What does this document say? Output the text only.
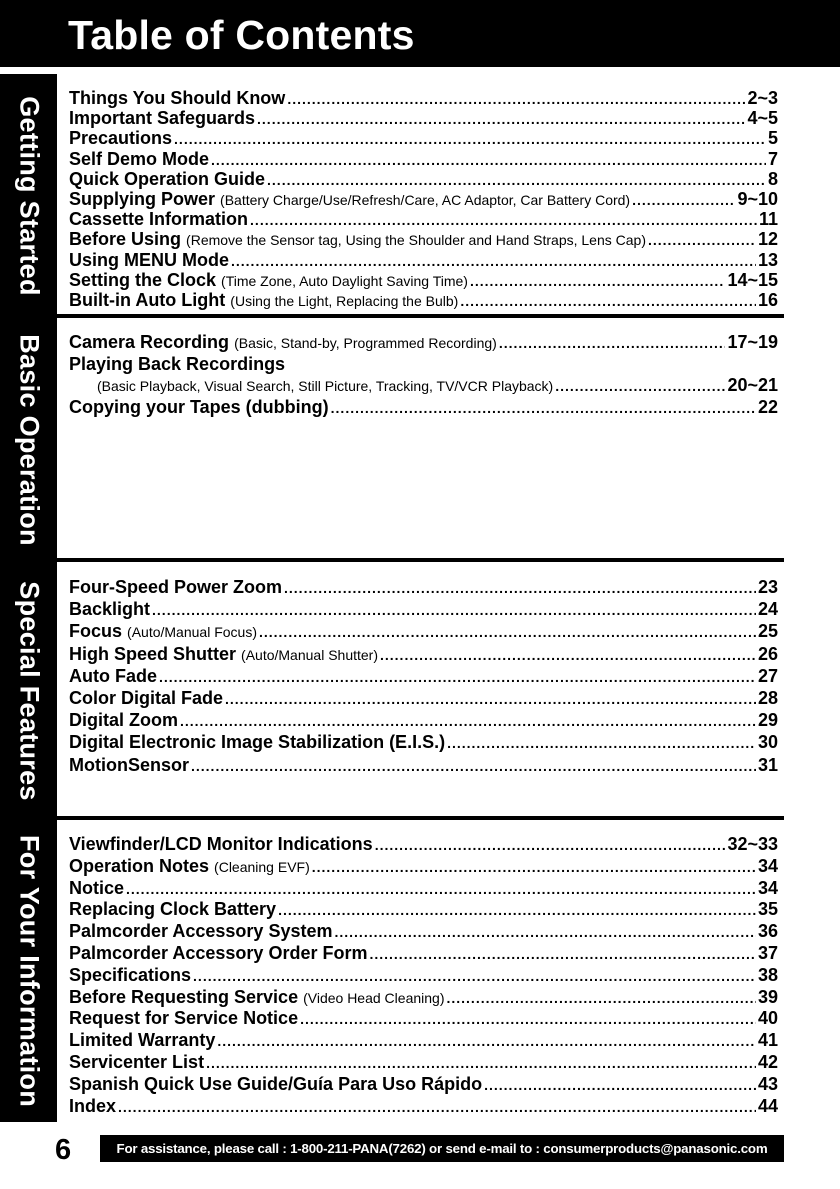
Table of Contents
Getting Started Things You Should Know .....	2~3
Important Safeguards .....	4~5
Precautions .....	5
Self Demo Mode .....	7
Quick Operation Guide .....	8
Supplying Power (Battery Charge/Use/Refresh/Care, AC Adaptor, Car Battery Cord) .....	9~10
Cassette Information .....	11
Before Using (Remove the Sensor tag, Using the Shoulder and Hand Straps, Lens Cap) .....	12
Using MENU Mode .....	13
Setting the Clock (Time Zone, Auto Daylight Saving Time) .....	14~15
Built-in Auto Light (Using the Light, Replacing the Bulb) .....	16
Basic Operation Camera Recording (Basic, Stand-by, Programmed Recording) .....	17~19
Playing Back Recordings
(Basic Playback, Visual Search, Still Picture, Tracking, TV/VCR Playback) .....	20~21
Copying your Tapes (dubbing) .....	22
Special Features Four-Speed Power Zoom .....	23
Backlight .....	24
Focus (Auto/Manual Focus) .....	25
High Speed Shutter (Auto/Manual Shutter) .....	26
Auto Fade .....	27
Color Digital Fade .....	28
Digital Zoom .....	29
Digital Electronic Image Stabilization (E.I.S.) .....	30
MotionSensor .....	31
For Your Information Viewfinder/LCD Monitor Indications .....	32~33
Operation Notes (Cleaning EVF) .....	34
Notice .....	34
Replacing Clock Battery .....	35
Palmcorder Accessory System .....	36
Palmcorder Accessory Order Form .....	37
Specifications .....	38
Before Requesting Service (Video Head Cleaning) .....	39
Request for Service Notice .....	40
Limited Warranty .....	41
Servicenter List .....	42
Spanish Quick Use Guide/Guía Para Uso Rápido .....	43
Index .....	44
6	For assistance, please call : 1-800-211-PANA(7262) or send e-mail to : consumerproducts@panasonic.com
